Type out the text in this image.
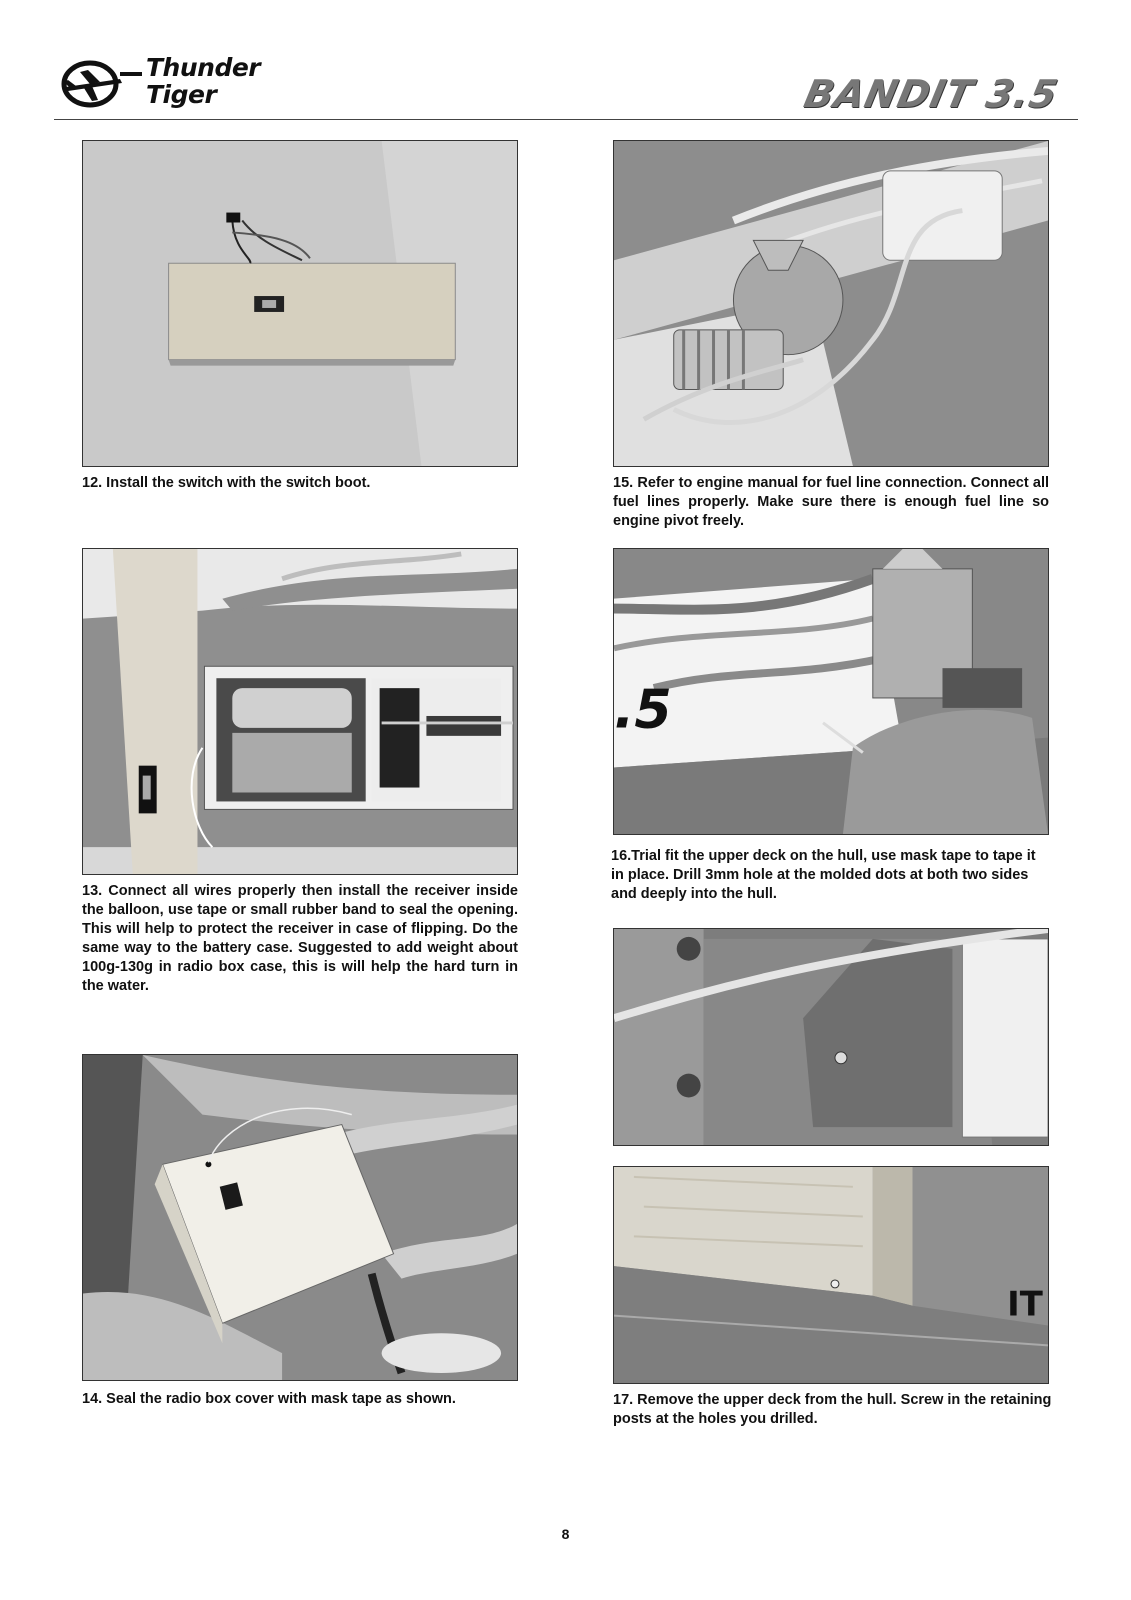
Thunder
Tiger	BANDIT 3.5

12. Install the switch with the switch boot.

13. Connect all wires properly then install the receiver inside the balloon, use tape or small rubber band to seal the opening. This will help to protect the receiver in case of flipping. Do the same way to the battery case. Suggested to add weight about 100g-130g in radio box case, this is will help the hard turn in the water.

14. Seal the radio box cover with mask tape as shown.

15. Refer to engine manual for fuel line connection. Connect all fuel lines properly. Make sure there is enough fuel line so engine pivot freely.

.5

16.Trial fit the upper deck on the hull, use mask tape to tape it in place. Drill 3mm hole at the molded dots at both two sides and deeply into the hull.

IT

17. Remove the upper deck from the hull. Screw in the retaining posts at the holes you drilled.

8
